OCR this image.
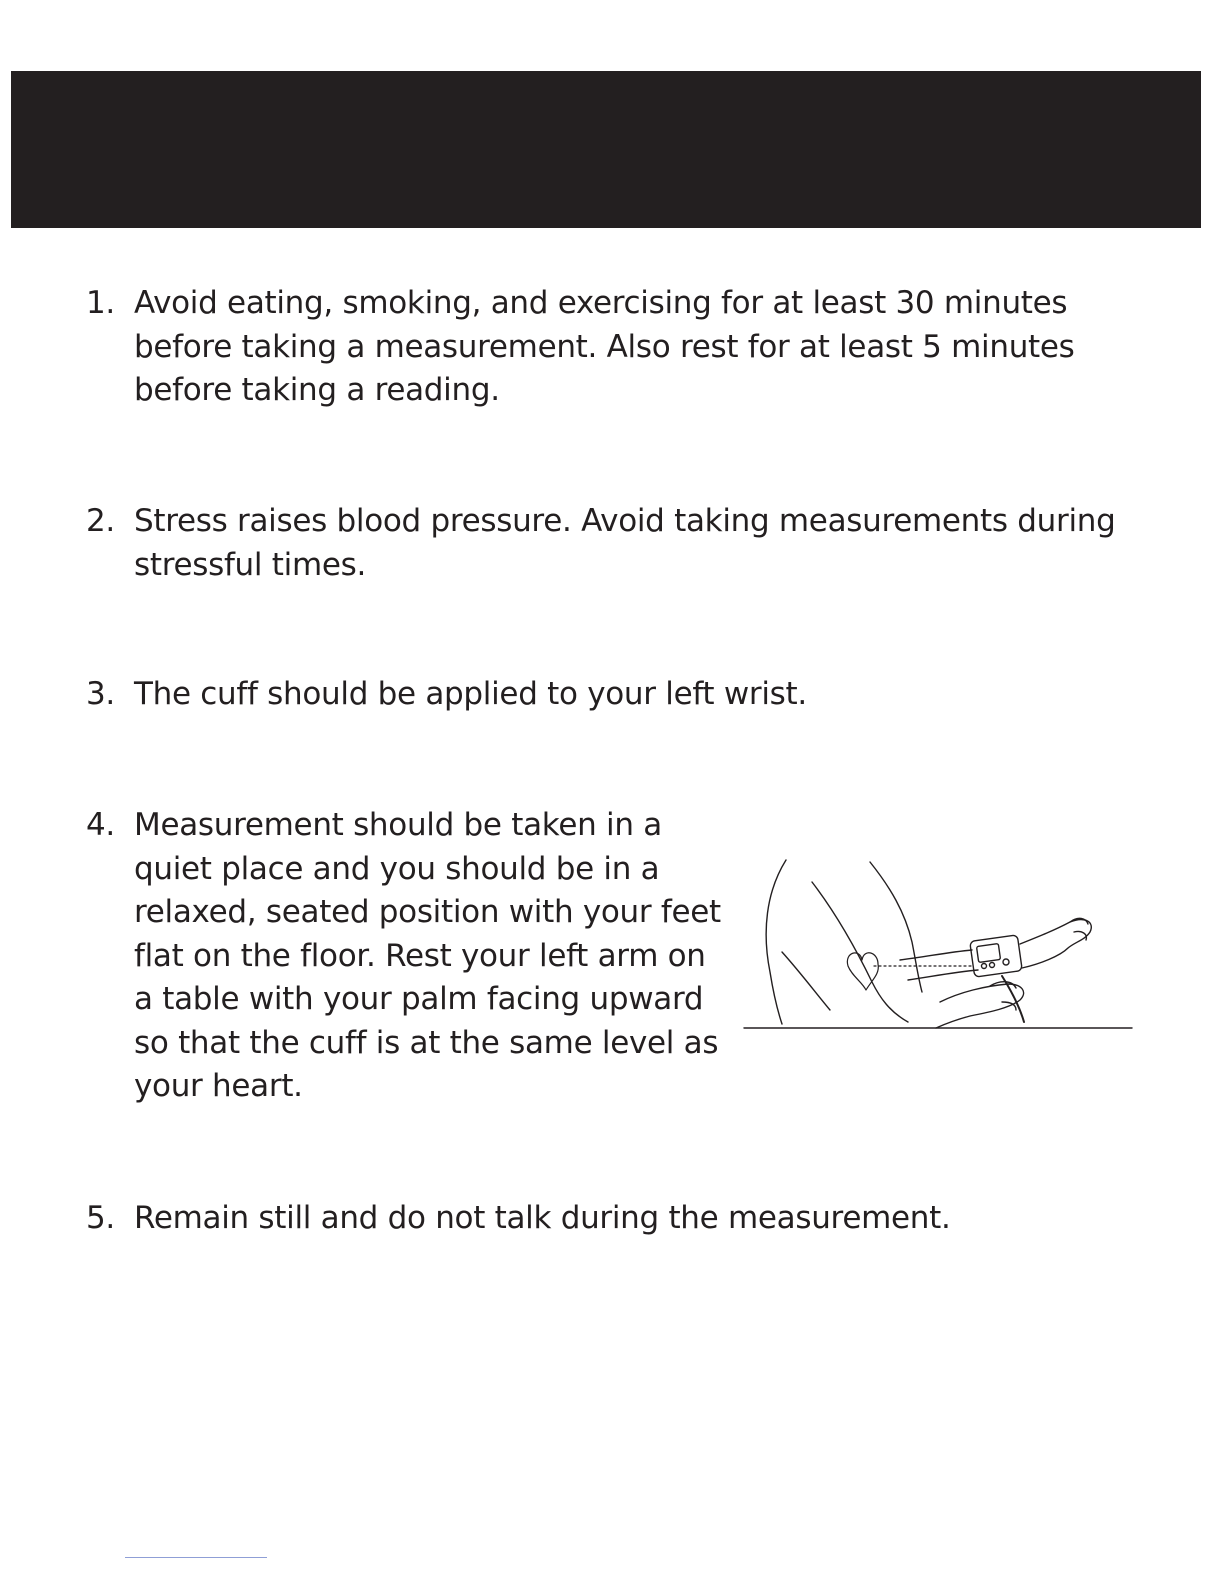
1. Avoid eating, smoking, and exercising for at least 30 minutes before taking a measurement. Also rest for at least 5 minutes before taking a reading.
2. Stress raises blood pressure. Avoid taking measurements during stressful times.
3. The cuff should be applied to your left wrist.
4. Measurement should be taken in a quiet place and you should be in a relaxed, seated position with your feet flat on the floor. Rest your left arm on a table with your palm facing upward so that the cuff is at the same level as your heart.
5. Remain still and do not talk during the measurement.
